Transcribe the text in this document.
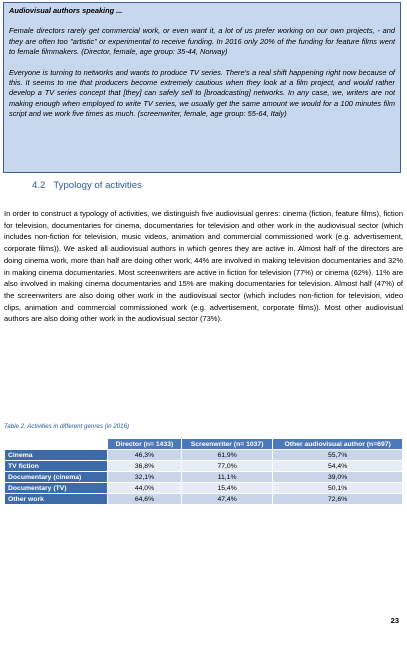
Audiovisual authors speaking ...

Female directors rarely get commercial work, or even want it, a lot of us prefer working on our own projects, - and they are often too "artistic" or experimental to receive funding. In 2016 only 20% of the funding for feature films went to female filmmakers. (Director, female, age group: 35-44, Norway)

Everyone is turning to networks and wants to produce TV series. There's a real shift happening right now because of this. It seems to me that producers become extremely cautious when they look at a film project, and would rather develop a TV series concept that [they] can safely sell to [broadcasting] networks. In any case, we, writers are not making enough when employed to write TV series, we usually get the same amount we would for a 100 minutes film script and we work five times as much. (screenwriter, female, age group: 55-64, Italy)

4.2 Typology of activities

In order to construct a typology of activities, we distinguish five audiovisual genres: cinema (fiction, feature films), fiction for television, documentaries for cinema, documentaries for television and other work in the audiovisual sector (which includes non-fiction for television, music videos, animation and commercial commissioned work (e.g. advertisement, corporate films)). We asked all audiovisual authors in which genres they are active in. Almost half of the directors are doing cinema work, more than half are doing other work, 44% are involved in making television documentaries and 32% in making cinema documentaries. Most screenwriters are active in fiction for television (77%) or cinema (62%). 11% are also involved in making cinema documentaries and 15% are making documentaries for television. Almost half (47%) of the screenwriters are also doing other work in the audiovisual sector (which includes non-fiction for television, video clips, animation and commercial commissioned work (e.g. advertisement, corporate films)). Most other audiovisual authors are also doing other work in the audiovisual sector (73%).

Table 2. Activities in different genres (in 2016)

	Director (n= 1433)	Screenwriter (n= 1037)	Other audiovisual author (n=697)
Cinema	46,3%	61,9%	55,7%
TV fiction	36,8%	77,0%	54,4%
Documentary (cinema)	32,1%	11,1%	39,0%
Documentary (TV)	44,0%	15,4%	50,1%
Other work	64,6%	47,4%	72,6%

23
